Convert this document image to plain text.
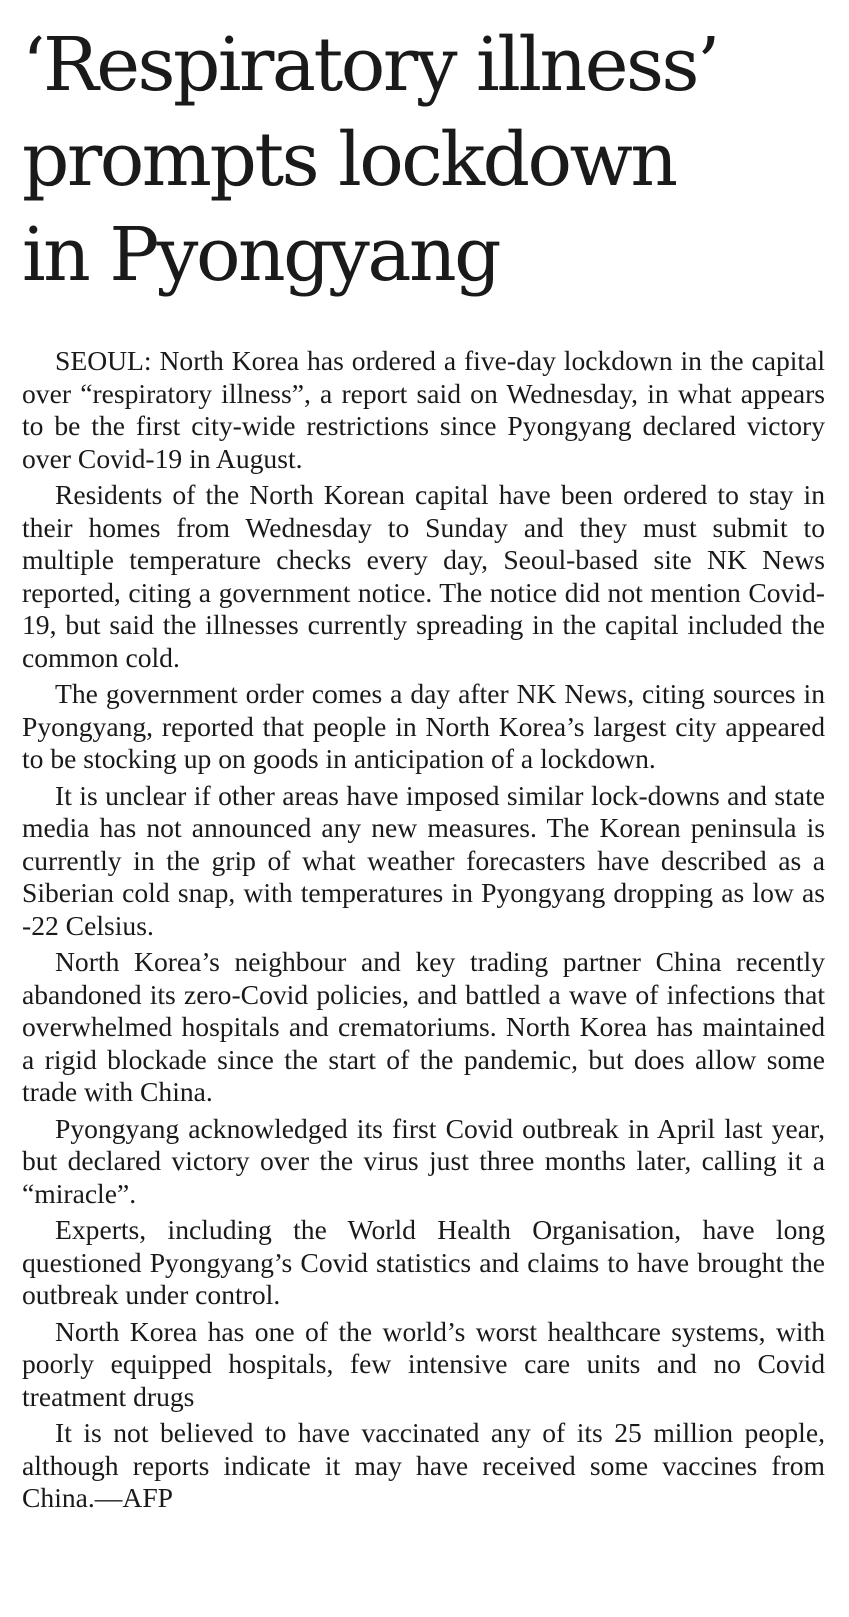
‘Respiratory illness’
prompts lockdown
in Pyongyang

SEOUL: North Korea has ordered a five-day lockdown in the capital over “respiratory illness”, a report said on Wednesday, in what appears to be the first city-wide restrictions since Pyongyang declared victory over Covid-19 in August.

Residents of the North Korean capital have been ordered to stay in their homes from Wednesday to Sunday and they must submit to multiple temperature checks every day, Seoul-based site NK News reported, citing a government notice. The notice did not mention Covid-19, but said the illnesses currently spreading in the capital included the common cold.

The government order comes a day after NK News, citing sources in Pyongyang, reported that people in North Korea’s largest city appeared to be stocking up on goods in anticipation of a lockdown.

It is unclear if other areas have imposed similar lock-downs and state media has not announced any new measures. The Korean peninsula is currently in the grip of what weather forecasters have described as a Siberian cold snap, with temperatures in Pyongyang dropping as low as -22 Celsius.

North Korea’s neighbour and key trading partner China recently abandoned its zero-Covid policies, and battled a wave of infections that overwhelmed hospitals and crematoriums. North Korea has maintained a rigid blockade since the start of the pandemic, but does allow some trade with China.

Pyongyang acknowledged its first Covid outbreak in April last year, but declared victory over the virus just three months later, calling it a “miracle”.

Experts, including the World Health Organisation, have long questioned Pyongyang’s Covid statistics and claims to have brought the outbreak under control.

North Korea has one of the world’s worst healthcare systems, with poorly equipped hospitals, few intensive care units and no Covid treatment drugs

It is not believed to have vaccinated any of its 25 million people, although reports indicate it may have received some vaccines from China.—AFP
